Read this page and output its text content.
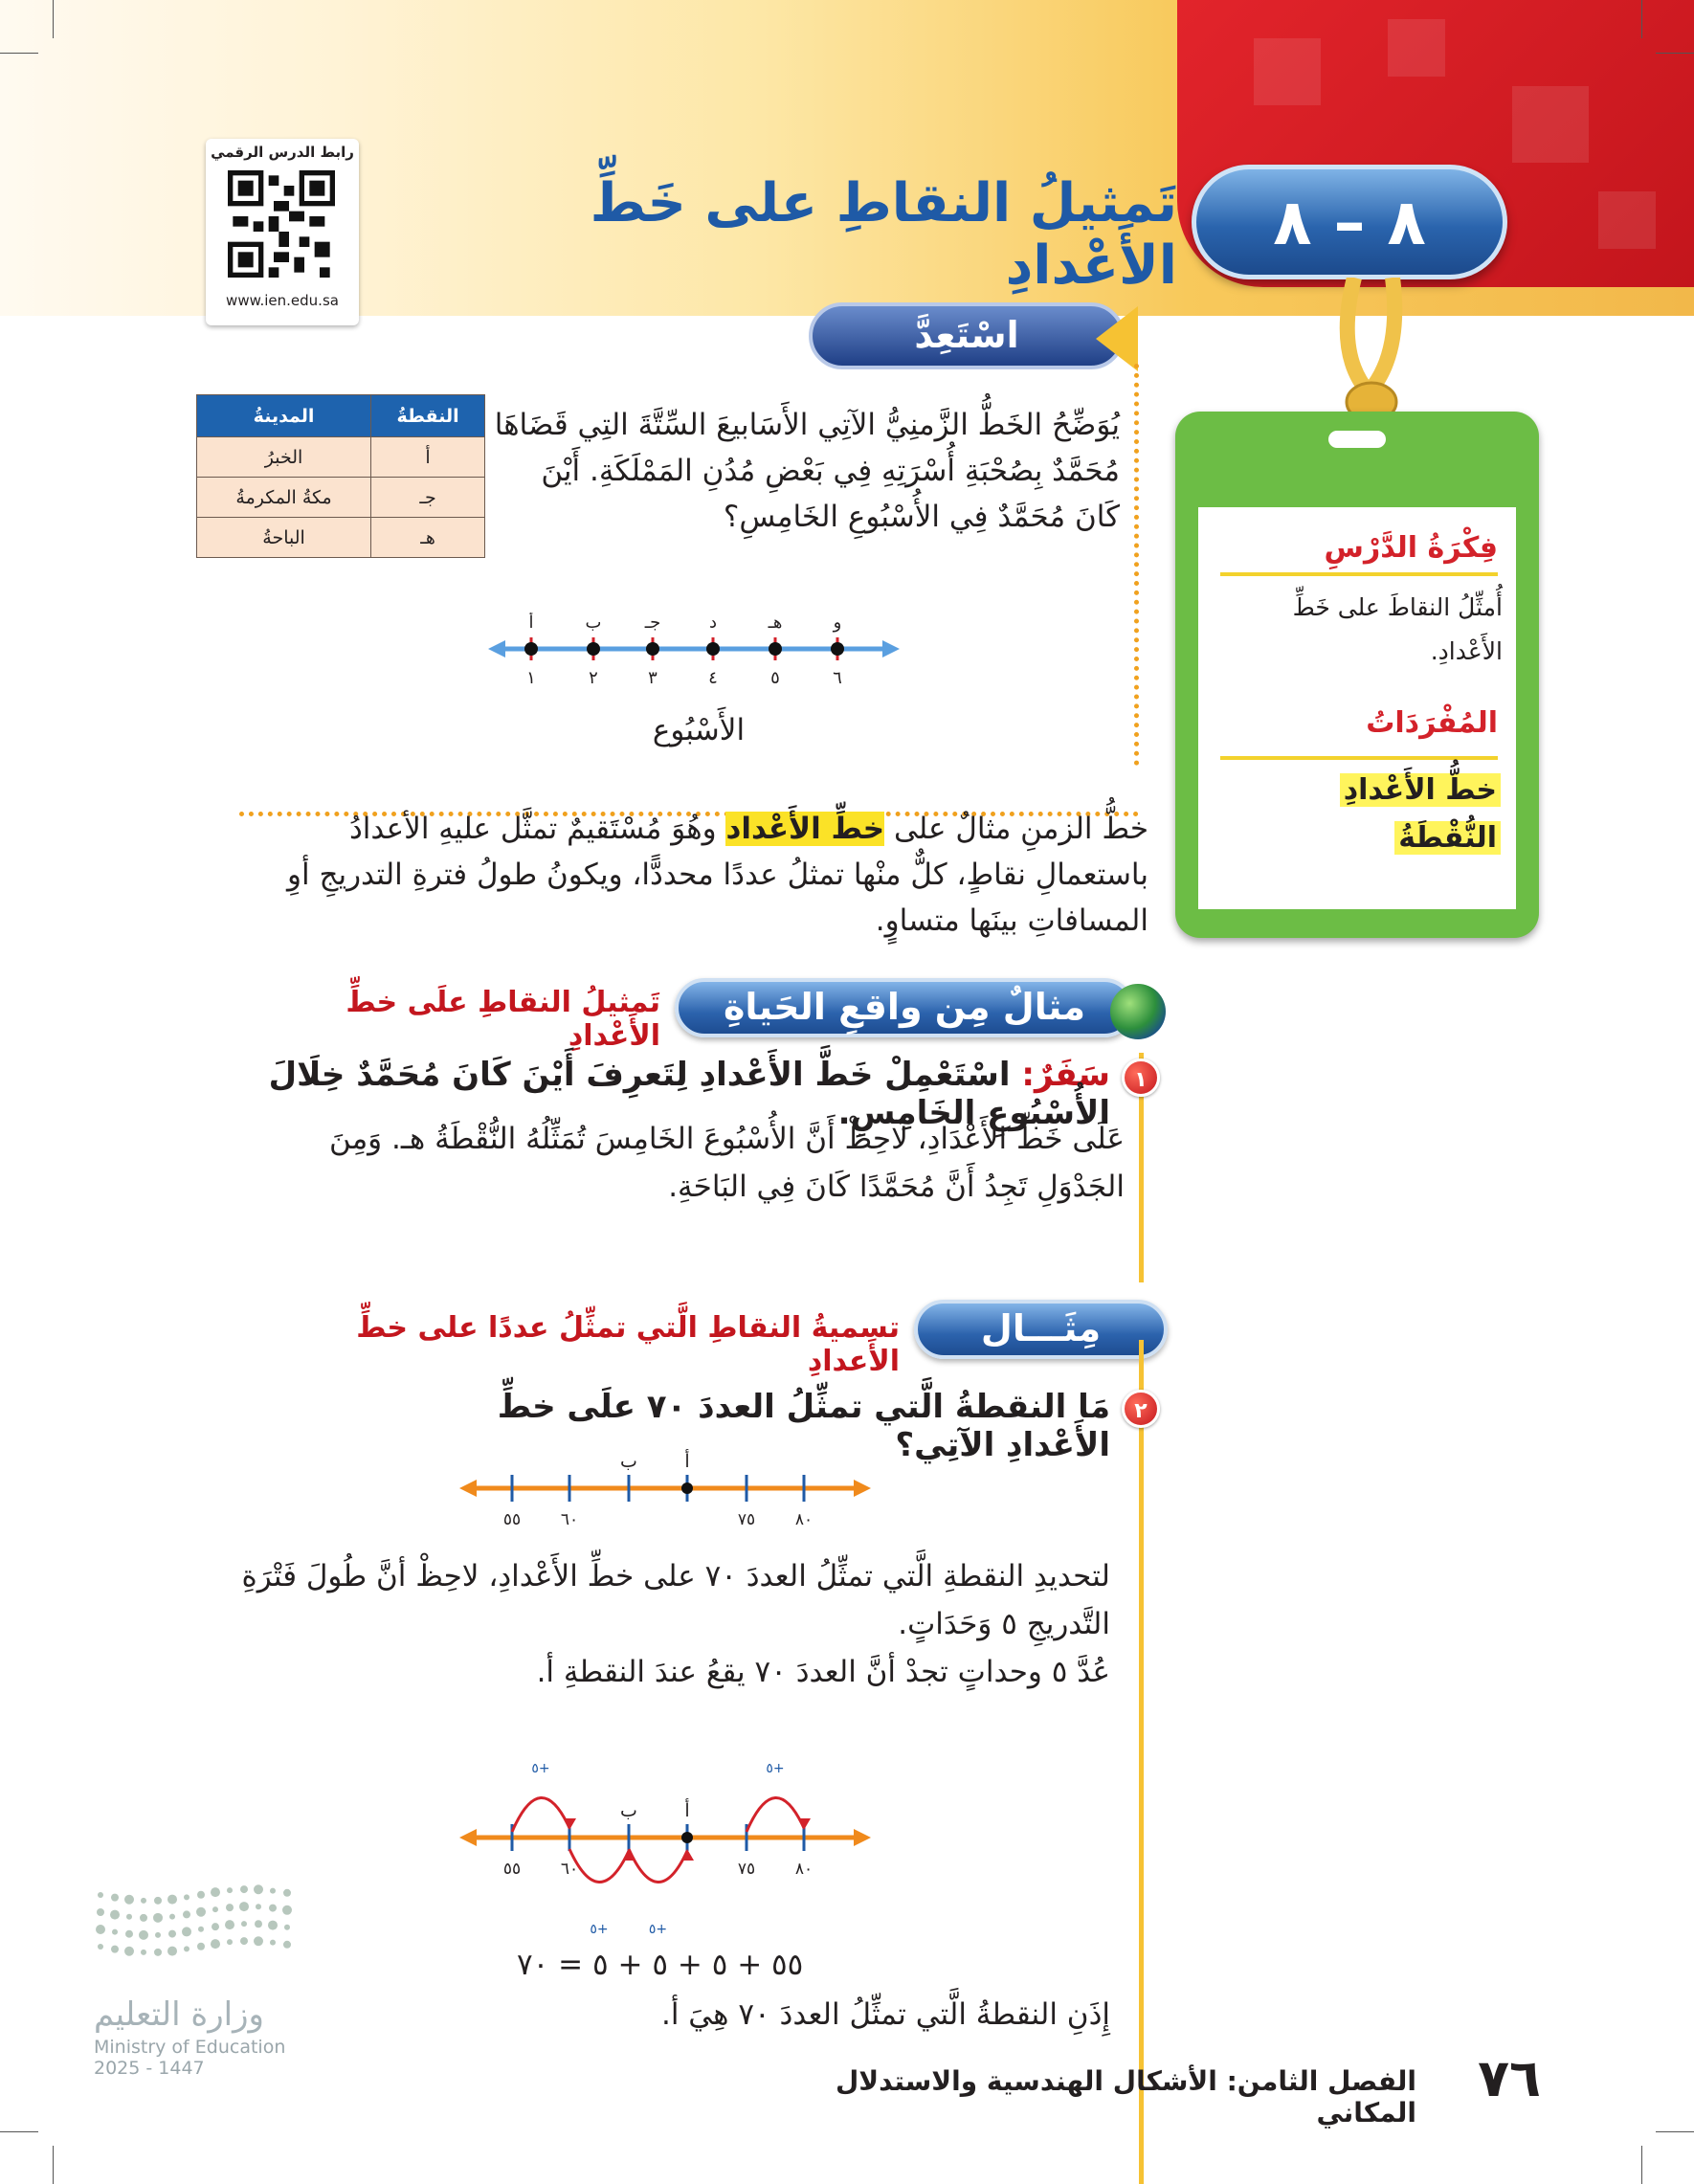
٨ – ٨
تَمثيلُ النقاطِ على خَطِّ الأَعْدادِ
رابط الدرس الرقمي
www.ien.edu.sa
فِكْرَةُ الدَّرْسِ
أُمثِّلُ النقاطَ على خَطِّ الأَعْدادِ.
المُفْرَدَاتُ
خطُّ الأَعْدادِ
النُّقْطَةُ
اسْتَعِدَّ
يُوَضِّحُ الخَطُّ الزَّمنِيُّ الآتِي الأَسَابيعَ السِّتَّةَ التِي قَضَاهَا مُحَمَّدٌ بِصُحْبَةِ أُسْرَتِهِ فِي بَعْضِ مُدُنِ المَمْلَكَةِ. أَيْنَ كَانَ مُحَمَّدٌ فِي الأُسْبُوعِ الخَامِسِ؟
النقطةُ	المدينةُ
أ	الخبرُ
جـ	مكةُ المكرمةُ
هـ	الباحةُ
أ
١
ب
٢
جـ
٣
د
٤
هـ
٥
و
٦
الأَسْبُوع
خطُّ الزمنِ مثالٌ على خطِّ الأَعْداد وهُوَ مُسْتَقيمٌ تمثَّل عليهِ الأعدادُ باستعمالِ نقاطٍ، كلٌّ منْها تمثلُ عددًا محددًّا، ويكونُ طولُ فترةِ التدريجِ أوِ المسافاتِ بينَها متساوٍ.
مثالٌ مِن واقعِ الحَياةِ
تَمثيلُ النقاطِ علَى خطِّ الأَعْدادِ
١
سَفَرٌ: اسْتَعْمِلْ خَطَّ الأَعْدادِ لِتَعرِفَ أَيْنَ كَانَ مُحَمَّدٌ خِلَالَ الأُسْبُوعِ الخَامِسِ.
عَلَى خَطِّ الأَعْدَادِ، لَاحِظْ أَنَّ الأُسْبُوعَ الخَامِسَ تُمَثِّلُهُ النُّقْطَةُ هـ. وَمِنَ الجَدْوَلِ تَجِدُ أَنَّ مُحَمَّدًا كَانَ فِي البَاحَةِ.
مِثَـــال
تسميةُ النقاطِ الَّتي تمثِّلُ عددًا على خطِّ الأَعدادِ
٢
مَا النقطةُ الَّتي تمثِّلُ العددَ ٧٠ علَى خطِّ الأَعْدادِ الآتِي؟
٥٥ ٦٠	٧٥ ٨٠
ب	أ
لتحديدِ النقطةِ الَّتي تمثِّلُ العددَ ٧٠ على خطِّ الأَعْدادِ، لاحِظْ أنَّ طُولَ فَتْرَةِ التَّدريجِ ٥ وَحَدَاتٍ.
عُدَّ ٥ وحداتٍ تجدْ أنَّ العددَ ٧٠ يقعُ عندَ النقطةِ أ.
٥٥ ٦٠	٧٥ ٨٠
ب	أ
+٥	+٥
+٥	+٥
٥٥ + ٥ + ٥ + ٥ = ٧٠
إِذَنِ النقطةُ الَّتي تمثِّلُ العددَ ٧٠ هِيَ أ.
وزارة التعليم
Ministry of Education
2025 - 1447	الفصل الثامن: الأشكال الهندسية والاستدلال المكاني
٧٦
